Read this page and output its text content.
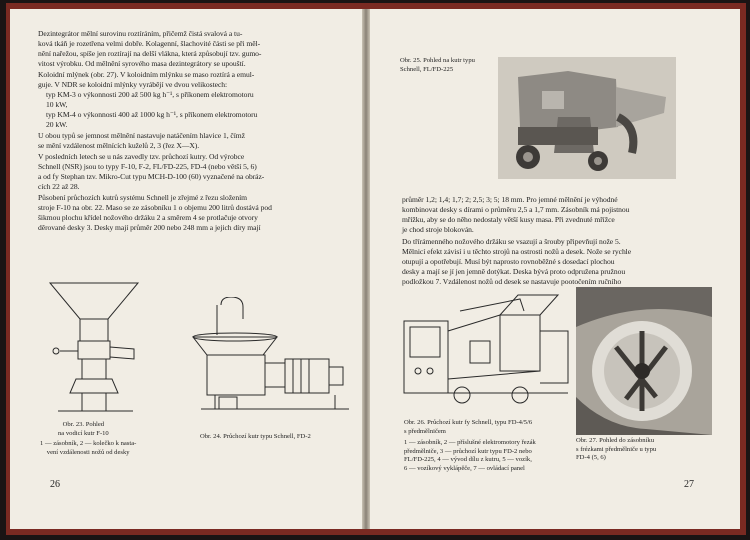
Dezintegrátor mělní surovinu roztíráním, přičemž čistá svalová a tu-
ková tkáň je rozetřena velmi dobře. Kolagenní, šlachovité části se při měl-
nění nařežou, spíše jen roztírají na delší vlákna, která způsobují tzv. gumo-
vitost výrobku. Od mělnění syrového masa dezintegrátory se upouští.
Koloidní mlýnek (obr. 27). V koloidním mlýnku se maso roztírá a emul-
guje. V NDR se koloidní mlýnky vyrábějí ve dvou velikostech:
typ KM-3 o výkonnosti 200 až 500 kg h⁻¹, s příkonem elektromotoru
10 kW,
typ KM-4 o výkonnosti 400 až 1000 kg h⁻¹, s příkonem elektromotoru
20 kW.
U obou typů se jemnost mělnění nastavuje natáčením hlavice 1, čímž
se mění vzdálenost mělnících kuželů 2, 3 (řez X—X).
V posledních letech se u nás zavedly tzv. průchozí kutry. Od výrobce
Schnell (NSR) jsou to typy F-10, F-2, FL/FD-225, FD-4 (nebo větší 5, 6)
a od fy Stephan tzv. Mikro-Cut typu MCH-D-100 (60) vyznačené na obráz-
cích 22 až 28.
Působení průchozích kutrů systému Schnell je zřejmé z řezu složením
stroje F-10 na obr. 22. Maso se ze zásobníku 1 o objemu 200 litrů dostává pod
šikmou plochu křídel nožového držáku 2 a směrem 4 se protlačuje otvory
děrované desky 3. Desky mají průměr 200 nebo 248 mm a jejich díry mají
Obr. 23. Pohled
na vodicí kutr F-10
1 — zásobník, 2 — kolečko k nasta-
vení vzdálenosti nožů od desky
Obr. 24. Průchozí kutr typu Schnell, FD-2
26
Obr. 25. Pohled na kutr typu
Schnell, FL/FD-225
průměr 1,2; 1,4; 1,7; 2; 2,5; 3; 5; 18 mm. Pro jemné mělnění je výhodné
kombinovat desky s dírami o průměru 2,5 a 1,7 mm. Zásobník má pojistnou
mřížku, aby se do něho nedostaly větší kusy masa. Při zvednuté mřížce
je chod stroje blokován.
Do třírámenného nožového držáku se vsazují a šrouby připevňují nože 5.
Mělnicí efekt závisí i u těchto strojů na ostrosti nožů a desek. Nože se rychle
otupují a opotřebují. Musí být naprosto rovnoběžné s dosedací plochou
desky a mají se jí jen jemně dotýkat. Deska bývá proto odpružena pružnou
podložkou 7. Vzdálenost nožů od desek se nastavuje pootočením ručního
Obr. 26. Průchozí kutr fy Schnell, typu FD-4/5/6
s předmělničem
1 — zásobník, 2 — příslušné elektromotory řezák
předmělniče, 3 — průchozí kutr typu FD-2 nebo
FL/FD-225, 4 — vývod dílu z kutru, 5 — vozík,
6 — vozíkový vyklápěče, 7 — ovládací panel
Obr. 27. Pohled do zásobníku
s frézkami předmělniče u typu
FD-4 (5, 6)
27
